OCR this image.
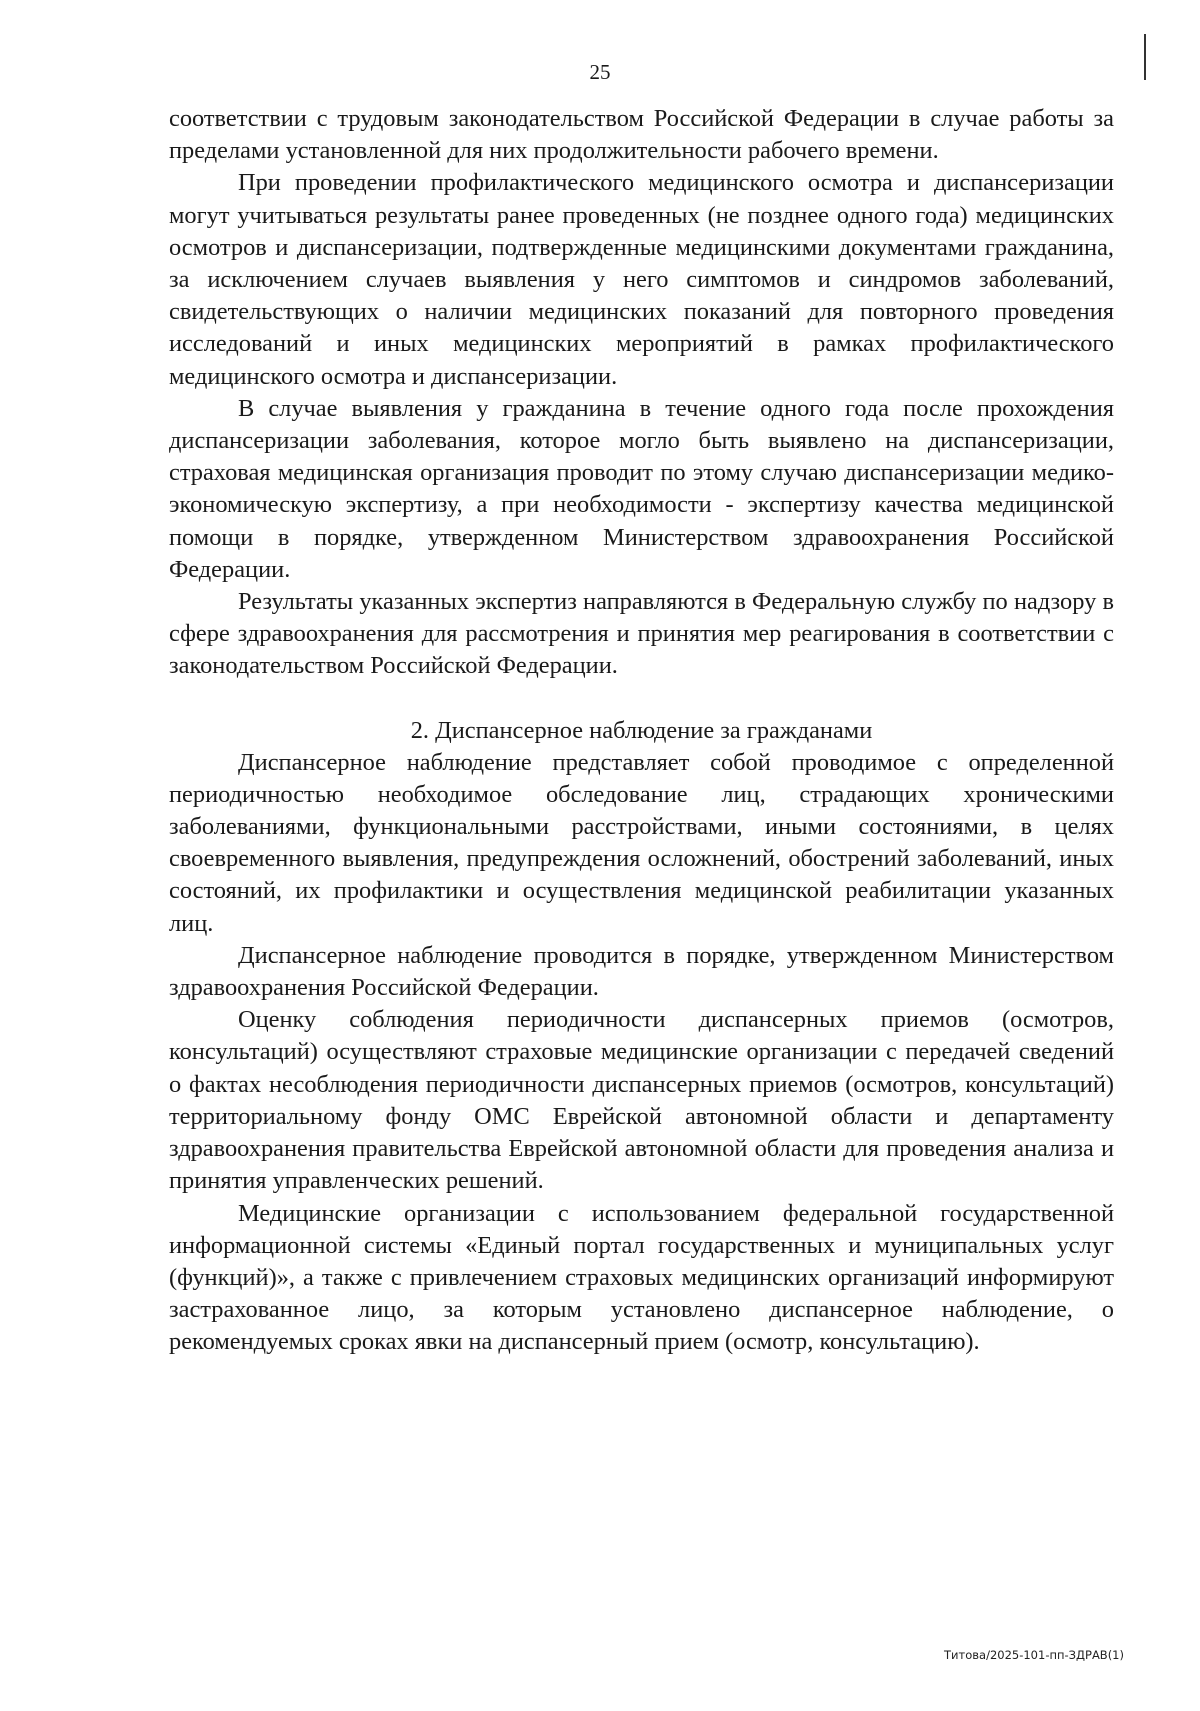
25

соответствии с трудовым законодательством Российской Федерации в случае работы за пределами установленной для них продолжительности рабочего времени.

При проведении профилактического медицинского осмотра и диспансеризации могут учитываться результаты ранее проведенных (не позднее одного года) медицинских осмотров и диспансеризации, подтвержденные медицинскими документами гражданина, за исключением случаев выявления у него симптомов и синдромов заболеваний, свидетельствующих о наличии медицинских показаний для повторного проведения исследований и иных медицинских мероприятий в рамках профилактического медицинского осмотра и диспансеризации.

В случае выявления у гражданина в течение одного года после прохождения диспансеризации заболевания, которое могло быть выявлено на диспансеризации, страховая медицинская организация проводит по этому случаю диспансеризации медико-экономическую экспертизу, а при необходимости - экспертизу качества медицинской помощи в порядке, утвержденном Министерством здравоохранения Российской Федерации.

Результаты указанных экспертиз направляются в Федеральную службу по надзору в сфере здравоохранения для рассмотрения и принятия мер реагирования в соответствии с законодательством Российской Федерации.

2. Диспансерное наблюдение за гражданами

Диспансерное наблюдение представляет собой проводимое с определенной периодичностью необходимое обследование лиц, страдающих хроническими заболеваниями, функциональными расстройствами, иными состояниями, в целях своевременного выявления, предупреждения осложнений, обострений заболеваний, иных состояний, их профилактики и осуществления медицинской реабилитации указанных лиц.

Диспансерное наблюдение проводится в порядке, утвержденном Министерством здравоохранения Российской Федерации.

Оценку соблюдения периодичности диспансерных приемов (осмотров, консультаций) осуществляют страховые медицинские организации с передачей сведений о фактах несоблюдения периодичности диспансерных приемов (осмотров, консультаций) территориальному фонду ОМС Еврейской автономной области и департаменту здравоохранения правительства Еврейской автономной области для проведения анализа и принятия управленческих решений.

Медицинские организации с использованием федеральной государственной информационной системы «Единый портал государственных и муниципальных услуг (функций)», а также с привлечением страховых медицинских организаций информируют застрахованное лицо, за которым установлено диспансерное наблюдение, о рекомендуемых сроках явки на диспансерный прием (осмотр, консультацию).

Титова/2025-101-пп-ЗДРАВ(1)
